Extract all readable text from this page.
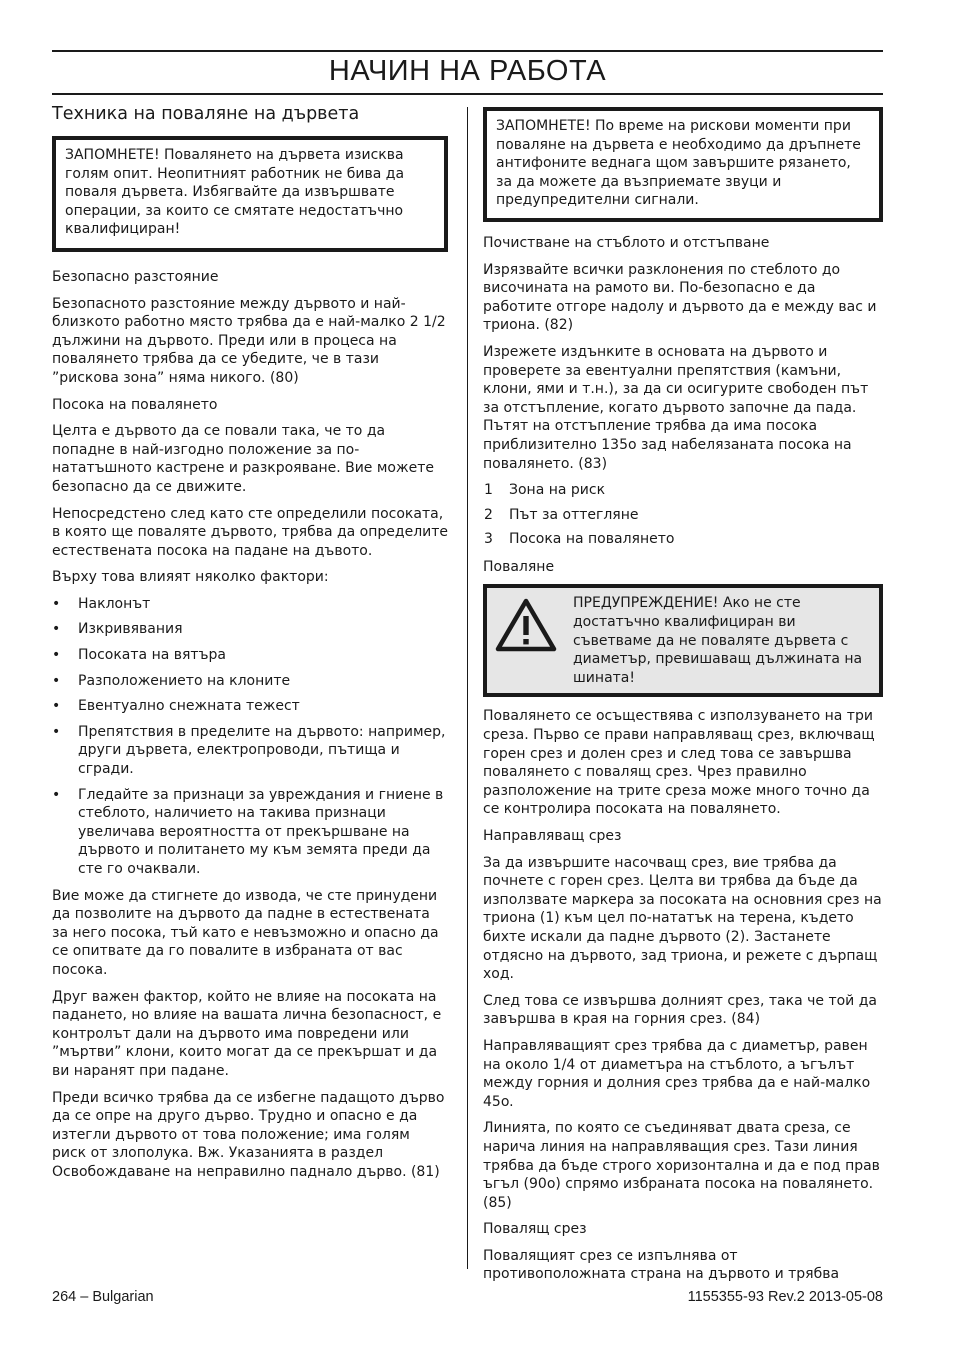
НАЧИН НА РАБОТА
Техника на поваляне на дървета
ЗАПОМНЕТЕ! Повалянето на дървета изисква голям опит. Неопитният работник не бива да поваля дървета. Избягвайте да извършвате операции, за които се смятате недостатъчно квалифициран!
Безопасно разстояние

Безопасното разстояние между дървото и най-близкото работно място трябва да е най-малко 2 1/2 дължини на дървото. Преди или в процеса на повалянето трябва да се убедите, че в тази ”рискова зона” няма никого. (80)

Посока на повалянето

Целта е дървото да се повали така, че то да попадне в най-изгодно положение за по-нататъшното кастрене и разкрояване. Вие можете безопасно да се движите.

Непосредстено след като сте определили посоката, в която ще поваляте дървото, трябва да определите естествената посока на падане на дъвото.

Върху това влияят няколко фактори:

• Наклонът
• Изкривявания
• Посоката на вятъра
• Разположението на клоните
• Евентуално снежната тежест
• Препятствия в пределите на дървото: например, други дървета, електропроводи, пътища и сгради.
• Гледайте за признаци за увреждания и гниене в стеблото, наличието на такива признаци увеличава вероятността от прекършване на дървото и политането му към земята преди да сте го очаквали.

Вие може да стигнете до извода, че сте принудени да позволите на дървото да падне в естествената за него посока, тъй като е невъзможно и опасно да се опитвате да го повалите в избраната от вас посока.

Друг важен фактор, който не влияе на посоката на падането, но влияе на вашата лична безопасност, е контролът дали на дървото има повредени или ”мъртви” клони, които могат да се прекършат и да ви наранят при падане.

Преди всичко трябва да се избегне падащото дърво да се опре на друго дърво. Трудно и опасно е да изтегли дървото от това положение; има голям риск от злополука. Вж. Указанията в раздел Освобождаване на неправилно паднало дърво. (81)

ЗАПОМНЕТЕ! По време на рискови моменти при поваляне на дървета е необходимо да дръпнете антифоните веднага щом завършите рязането, за да можете да възприемате звуци и предупредителни сигнали.
Почистване на стъблото и отстъпване

Изрязвайте всички разклонения по стеблото до височината на рамото ви. По-безопасно е да работите отгоре надолу и дървото да е между вас и триона. (82)

Изрежете издънките в основата на дървото и проверете за евентуални препятствия (камъни, клони, ями и т.н.), за да си осигурите свободен път за отстъпление, когато дървото започне да пада. Пътят на отстъпление трябва да има посока приблизително 135o зад набелязаната посока на повалянето. (83)

1 Зона на риск
2 Път за оттегляне
3 Посока на повалянето
Поваляне
ПРЕДУПРЕЖДЕНИЕ! Ако не сте достатъчно квалифициран ви съветваме да не поваляте дървета с диаметър, превишаващ дължината на шината!

Повалянето се осъществява с използуването на три среза. Първо се прави направляващ срез, включващ горен срез и долен срез и след това се завършва повалянето с повалящ срез. Чрез правилно разположение на трите среза може много точно да се контролира посоката на повалянето.

Направляващ срез

За да извършите насочващ срез, вие трябва да почнете с горен срез. Целта ви трябва да бъде да използвате маркера за посоката на основния срез на триона (1) към цел по-нататък на терена, където бихте искали да падне дървото (2). Застанете отдясно на дървото, зад триона, и режете с дърпащ ход.

След това се извършва долният срез, така че той да завършва в края на горния срез. (84)

Направляващият срез трябва да с диаметър, равен на около 1/4 от диаметъра на стъблото, а ъгълът между горния и долния срез трябва да е най-малко 45o.

Линията, по която се съединяват двата среза, се нарича линия на направляващия срез. Тази линия трябва да бъде строго хоризонтална и да е под прав ъгъл (90o) спрямо избраната посока на повалянето. (85)

Повалящ срез

Повалящият срез се изпълнява от противоположната страна на дървото и трябва

264 – Bulgarian	1155355-93 Rev.2 2013-05-08
